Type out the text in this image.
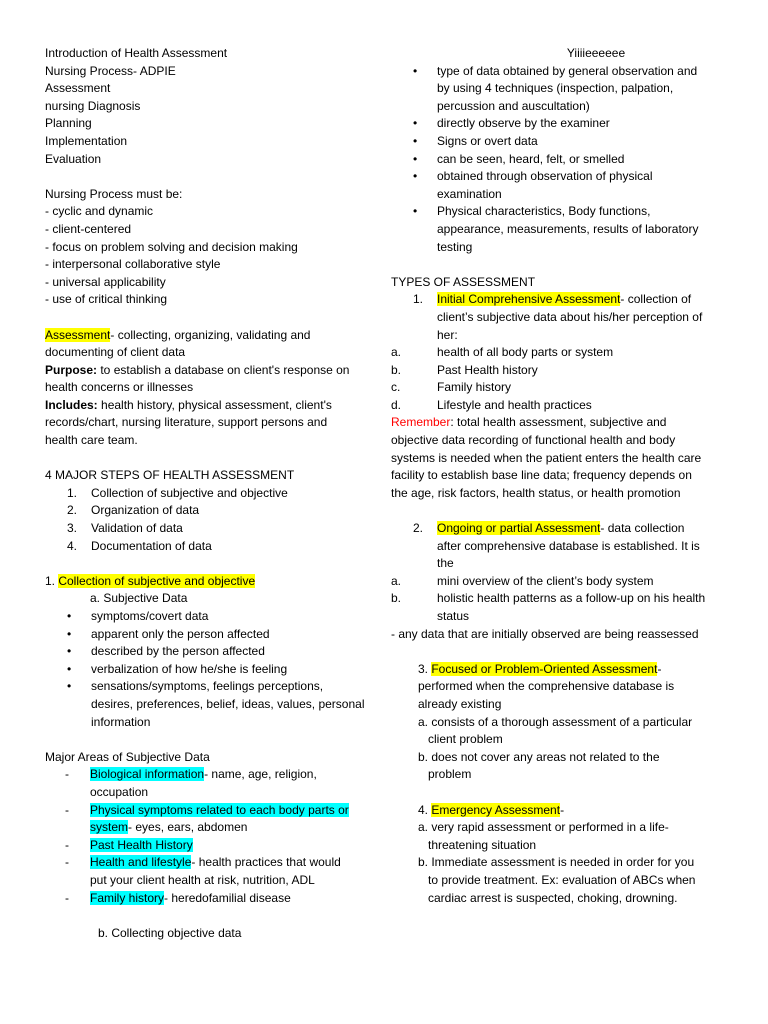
Introduction of Health Assessment
Nursing Process- ADPIE
Assessment
nursing Diagnosis
Planning
Implementation
Evaluation
Nursing Process must be:
- cyclic and dynamic
- client-centered
- focus on problem solving and decision making
- interpersonal collaborative style
- universal applicability
- use of critical thinking
Assessment- collecting, organizing, validating and
documenting of client data
Purpose: to establish a database on client's response on
health concerns or illnesses
Includes: health history, physical assessment, client's
records/chart, nursing literature, support persons and
health care team.
4 MAJOR STEPS OF HEALTH ASSESSMENT
1.	Collection of subjective and objective
2.	Organization of data
3.	Validation of data
4.	Documentation of data
1. Collection of subjective and objective
a. Subjective Data
•	symptoms/covert data
•	apparent only the person affected
•	described by the person affected
•	verbalization of how he/she is feeling
•	sensations/symptoms, feelings perceptions,
desires, preferences, belief, ideas, values, personal
information
Major Areas of Subjective Data
-	Biological information- name, age, religion,
occupation
-	Physical symptoms related to each body parts or
system- eyes, ears, abdomen
-	Past Health History
-	Health and lifestyle- health practices that would
put your client health at risk, nutrition, ADL
-	Family history- heredofamilial disease
b. Collecting objective data
Yiiiieeeeee
•	type of data obtained by general observation and
by using 4 techniques (inspection, palpation,
percussion and auscultation)
•	directly observe by the examiner
•	Signs or overt data
•	can be seen, heard, felt, or smelled
•	obtained through observation of physical
examination
•	Physical characteristics, Body functions,
appearance, measurements, results of laboratory
testing
TYPES OF ASSESSMENT
1.	Initial Comprehensive Assessment- collection of
client’s subjective data about his/her perception of
her:
a.	health of all body parts or system
b.	Past Health history
c.	Family history
d.	Lifestyle and health practices
Remember: total health assessment, subjective and
objective data recording of functional health and body
systems is needed when the patient enters the health care
facility to establish base line data; frequency depends on
the age, risk factors, health status, or health promotion
2.	Ongoing or partial Assessment- data collection
after comprehensive database is established. It is
the
a.	mini overview of the client’s body system
b.	holistic health patterns as a follow-up on his health
status
- any data that are initially observed are being reassessed
3. Focused or Problem-Oriented Assessment-
performed when the comprehensive database is
already existing
a. consists of a thorough assessment of a particular
client problem
b. does not cover any areas not related to the
problem
4. Emergency Assessment-
a. very rapid assessment or performed in a life-
threatening situation
b. Immediate assessment is needed in order for you
to provide treatment. Ex: evaluation of ABCs when
cardiac arrest is suspected, choking, drowning.
